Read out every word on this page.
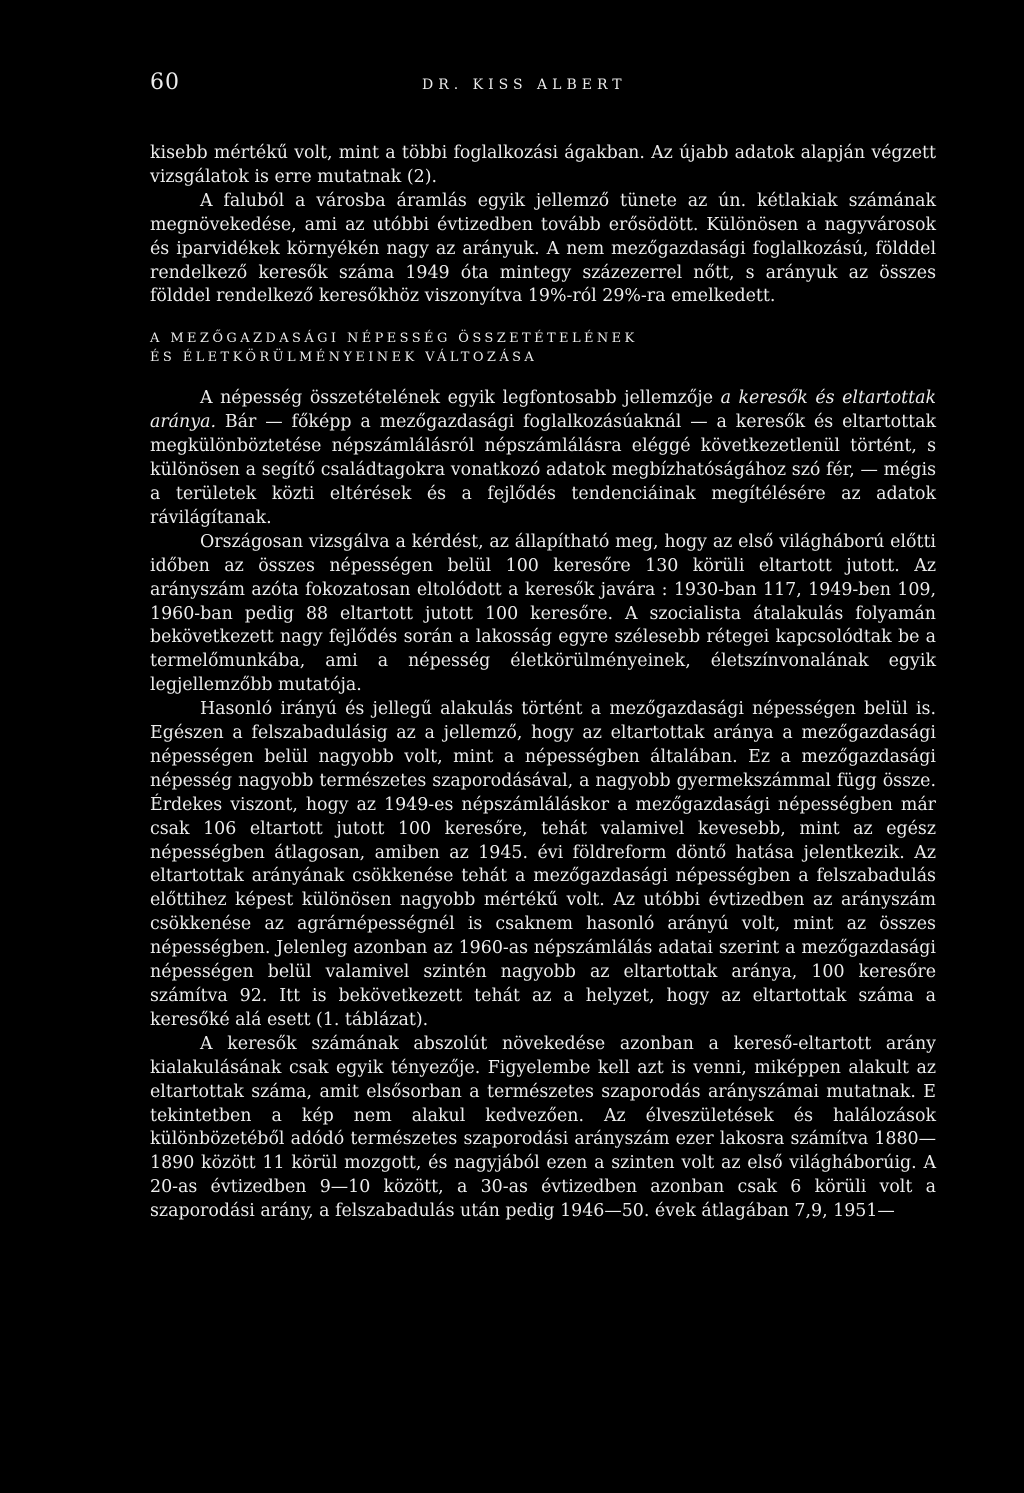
60	DR. KISS ALBERT

kisebb mértékű volt, mint a többi foglalkozási ágakban. Az újabb adatok alapján végzett vizsgálatok is erre mutatnak (2).

A faluból a városba áramlás egyik jellemző tünete az ún. kétlakiak számának megnövekedése, ami az utóbbi évtizedben tovább erősödött. Különösen a nagyvárosok és iparvidékek környékén nagy az arányuk. A nem mezőgazdasági foglalkozású, földdel rendelkező keresők száma 1949 óta mintegy százezerrel nőtt, s arányuk az összes földdel rendelkező keresőkhöz viszonyítva 19%-ról 29%-ra emelkedett.

A MEZŐGAZDASÁGI NÉPESSÉG ÖSSZETÉTELÉNEK
ÉS ÉLETKÖRÜLMÉNYEINEK VÁLTOZÁSA

A népesség összetételének egyik legfontosabb jellemzője a keresők és eltartottak aránya. Bár — főképp a mezőgazdasági foglalkozásúaknál — a keresők és eltartottak megkülönböztetése népszámlálásról népszámlálásra eléggé következetlenül történt, s különösen a segítő családtagokra vonatkozó adatok megbízhatóságához szó fér, — mégis a területek közti eltérések és a fejlődés tendenciáinak megítélésére az adatok rávilágítanak.

Országosan vizsgálva a kérdést, az állapítható meg, hogy az első világháború előtti időben az összes népességen belül 100 keresőre 130 körüli eltartott jutott. Az arányszám azóta fokozatosan eltolódott a keresők javára : 1930-ban 117, 1949-ben 109, 1960-ban pedig 88 eltartott jutott 100 keresőre. A szocialista átalakulás folyamán bekövetkezett nagy fejlődés során a lakosság egyre szélesebb rétegei kapcsolódtak be a termelőmunkába, ami a népesség életkörülményeinek, életszínvonalának egyik legjellemzőbb mutatója.

Hasonló irányú és jellegű alakulás történt a mezőgazdasági népességen belül is. Egészen a felszabadulásig az a jellemző, hogy az eltartottak aránya a mezőgazdasági népességen belül nagyobb volt, mint a népességben általában. Ez a mezőgazdasági népesség nagyobb természetes szaporodásával, a nagyobb gyermekszámmal függ össze. Érdekes viszont, hogy az 1949-es népszámláláskor a mezőgazdasági népességben már csak 106 eltartott jutott 100 keresőre, tehát valamivel kevesebb, mint az egész népességben átlagosan, amiben az 1945. évi földreform döntő hatása jelentkezik. Az eltartottak arányának csökkenése tehát a mezőgazdasági népességben a felszabadulás előttihez képest különösen nagyobb mértékű volt. Az utóbbi évtizedben az arányszám csökkenése az agrárnépességnél is csaknem hasonló arányú volt, mint az összes népességben. Jelenleg azonban az 1960-as népszámlálás adatai szerint a mezőgazdasági népességen belül valamivel szintén nagyobb az eltartottak aránya, 100 keresőre számítva 92. Itt is bekövetkezett tehát az a helyzet, hogy az eltartottak száma a keresőké alá esett (1. táblázat).

A keresők számának abszolút növekedése azonban a kereső-eltartott arány kialakulásának csak egyik tényezője. Figyelembe kell azt is venni, miképpen alakult az eltartottak száma, amit elsősorban a természetes szaporodás arányszámai mutatnak. E tekintetben a kép nem alakul kedvezően. Az élveszületések és halálozások különbözetéből adódó természetes szaporodási arányszám ezer lakosra számítva 1880—1890 között 11 körül mozgott, és nagyjából ezen a szinten volt az első világháborúig. A 20-as évtizedben 9—10 között, a 30-as évtizedben azonban csak 6 körüli volt a szaporodási arány, a felszabadulás után pedig 1946—50. évek átlagában 7,9, 1951—
